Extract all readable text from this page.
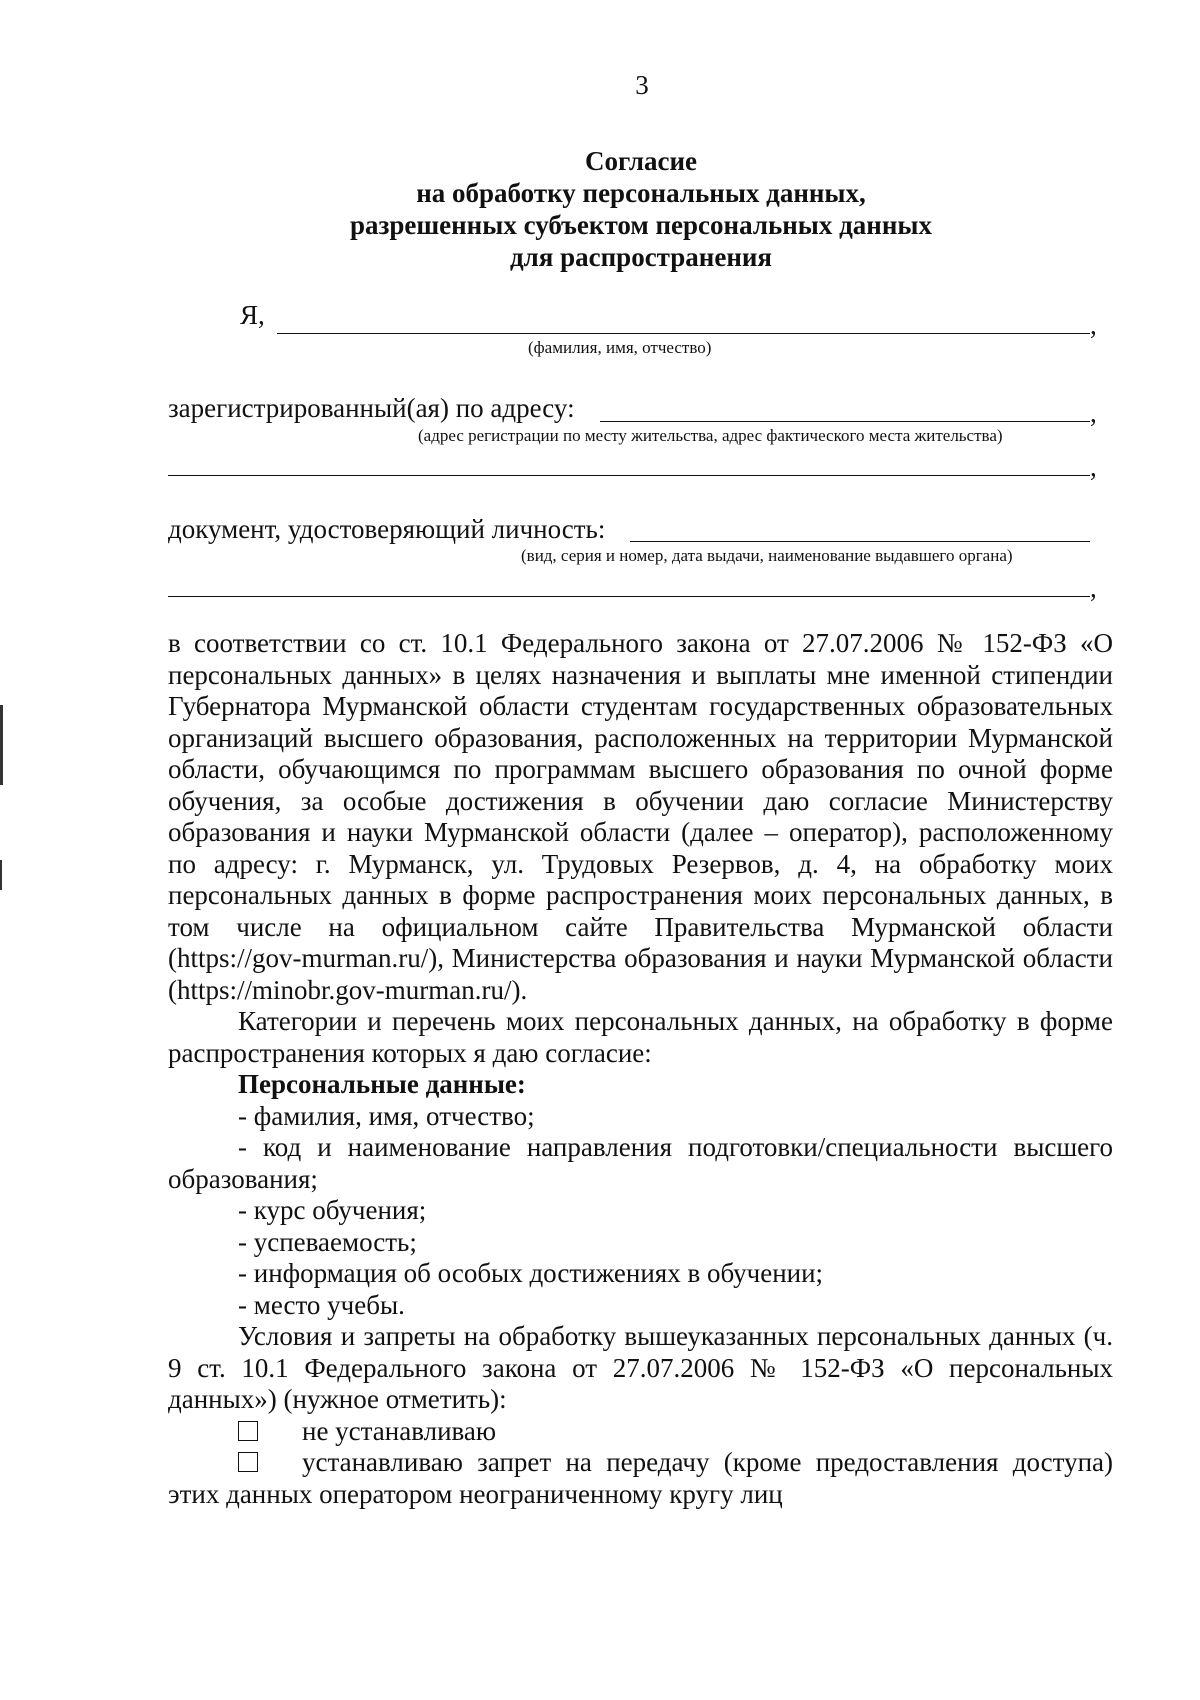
3
Согласие
на обработку персональных данных,
разрешенных субъектом персональных данных
для распространения
Я,	,
(фамилия, имя, отчество)
зарегистрированный(ая) по адресу:	,
(адрес регистрации по месту жительства, адрес фактического места жительства)
,
документ, удостоверяющий личность:
(вид, серия и номер, дата выдачи, наименование выдавшего органа)
,

в соответствии со ст. 10.1 Федерального закона от 27.07.2006 № 152-ФЗ «О персональных данных» в целях назначения и выплаты мне именной стипендии Губернатора Мурманской области студентам государственных образовательных организаций высшего образования, расположенных на территории Мурманской области, обучающимся по программам высшего образования по очной форме обучения, за особые достижения в обучении даю согласие Министерству образования и науки Мурманской области (далее – оператор), расположенному по адресу: г. Мурманск, ул. Трудовых Резервов, д. 4, на обработку моих персональных данных в форме распространения моих персональных данных, в том числе на официальном сайте Правительства Мурманской области (https://gov-murman.ru/), Министерства образования и науки Мурманской области (https://minobr.gov-murman.ru/).

Категории и перечень моих персональных данных, на обработку в форме распространения которых я даю согласие:

Персональные данные:

- фамилия, имя, отчество;

- код и наименование направления подготовки/специальности высшего образования;

- курс обучения;

- успеваемость;

- информация об особых достижениях в обучении;

- место учебы.

Условия и запреты на обработку вышеуказанных персональных данных (ч. 9 ст. 10.1 Федерального закона от 27.07.2006 № 152-ФЗ «О персональных данных») (нужное отметить):

не устанавливаю

устанавливаю запрет на передачу (кроме предоставления доступа) этих данных оператором неограниченному кругу лиц
